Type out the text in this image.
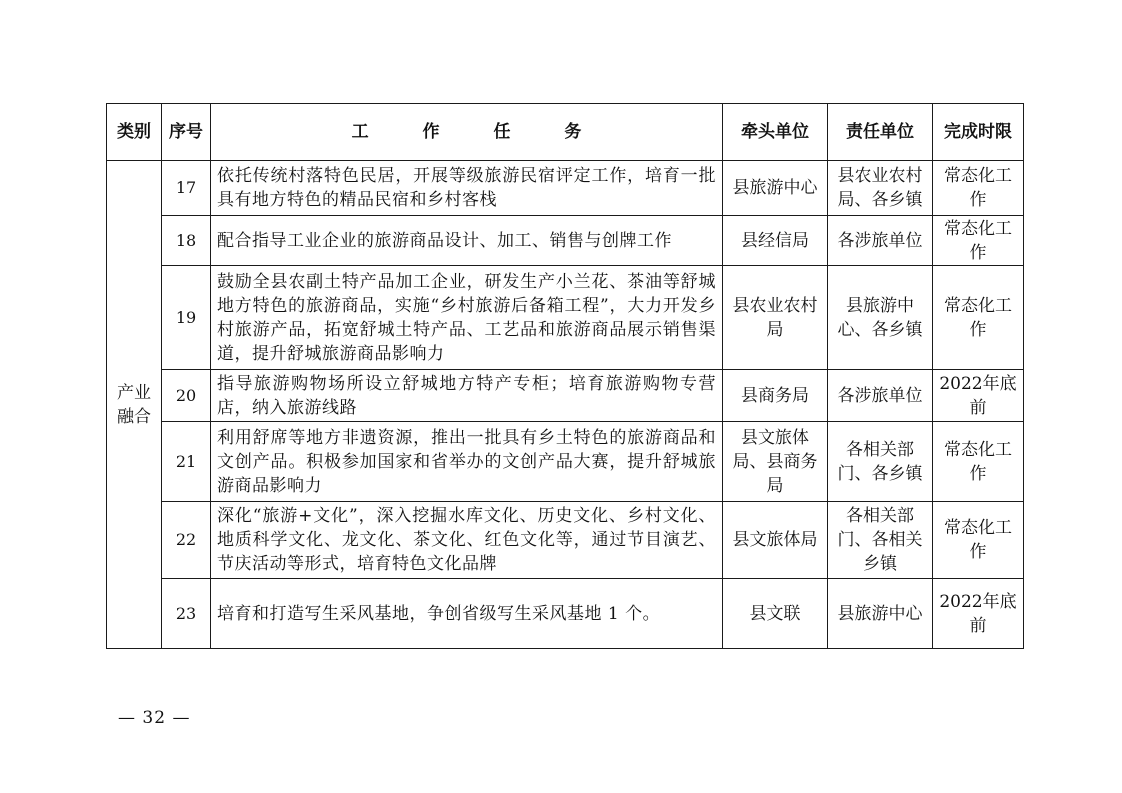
类别	序号	工 作 任 务	牵头单位	责任单位	完成时限
产业融合	17	依托传统村落特色民居，开展等级旅游民宿评定工作，培育一批具有地方特色的精品民宿和乡村客栈	县旅游中心	县农业农村局、各乡镇	常态化工作
	18	配合指导工业企业的旅游商品设计、加工、销售与创牌工作	县经信局	各涉旅单位	常态化工作
	19	鼓励全县农副土特产品加工企业，研发生产小兰花、茶油等舒城地方特色的旅游商品，实施“乡村旅游后备箱工程”，大力开发乡村旅游产品，拓宽舒城土特产品、工艺品和旅游商品展示销售渠道，提升舒城旅游商品影响力	县农业农村局	县旅游中心、各乡镇	常态化工作
	20	指导旅游购物场所设立舒城地方特产专柜；培育旅游购物专营店，纳入旅游线路	县商务局	各涉旅单位	2022年底前
	21	利用舒席等地方非遗资源，推出一批具有乡土特色的旅游商品和文创产品。积极参加国家和省举办的文创产品大赛，提升舒城旅游商品影响力	县文旅体局、县商务局	各相关部门、各乡镇	常态化工作
	22	深化“旅游+文化”，深入挖掘水库文化、历史文化、乡村文化、地质科学文化、龙文化、茶文化、红色文化等，通过节目演艺、节庆活动等形式，培育特色文化品牌	县文旅体局	各相关部门、各相关乡镇	常态化工作
	23	培育和打造写生采风基地，争创省级写生采风基地 1 个。	县文联	县旅游中心	2022年底前
— 32 —
